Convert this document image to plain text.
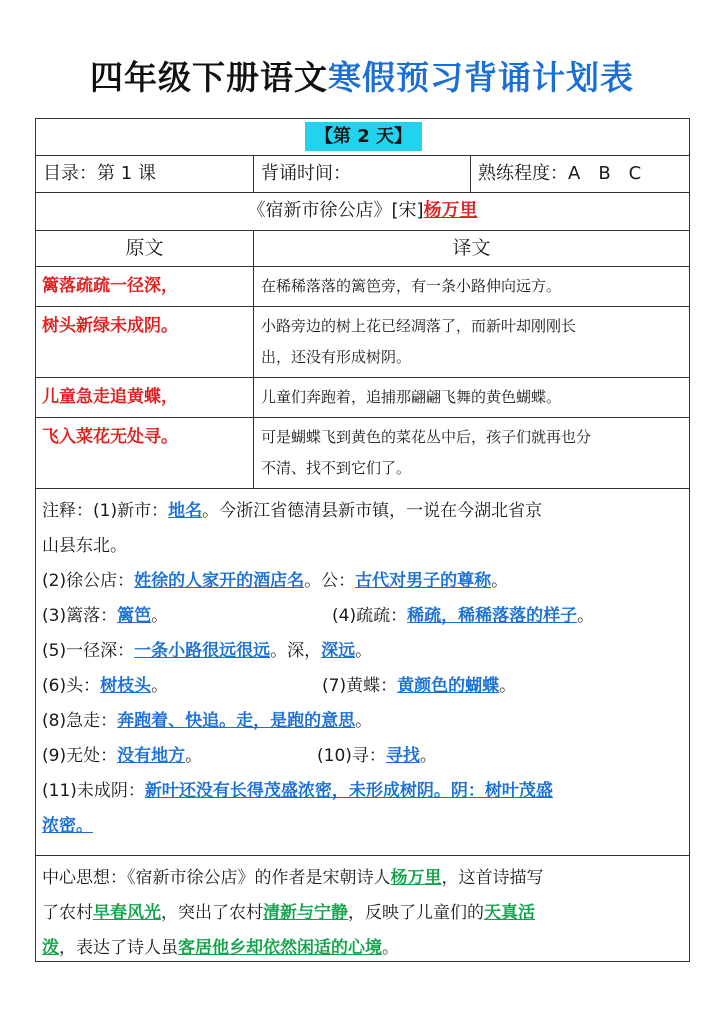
四年级下册语文寒假预习背诵计划表
【第 2 天】
目录：第 1 课	背诵时间：	熟练程度：A　B　C
《宿新市徐公店》[宋]杨万里
原文	译文
篱落疏疏一径深，	在稀稀落落的篱笆旁，有一条小路伸向远方。
树头新绿未成阴。	小路旁边的树上花已经凋落了，而新叶却刚刚长
出，还没有形成树阴。
儿童急走追黄蝶，	儿童们奔跑着，追捕那翩翩飞舞的黄色蝴蝶。
飞入菜花无处寻。	可是蝴蝶飞到黄色的菜花丛中后，孩子们就再也分
不清、找不到它们了。
注释：(1)新市：地名。今浙江省德清县新市镇，一说在今湖北省京
山县东北。
(2)徐公店：姓徐的人家开的酒店名。公：古代对男子的尊称。
(3)篱落：篱笆。	(4)疏疏：稀疏，稀稀落落的样子。
(5)一径深：一条小路很远很远。深，深远。
(6)头：树枝头。	(7)黄蝶：黄颜色的蝴蝶。
(8)急走：奔跑着、快追。走，是跑的意思。
(9)无处：没有地方。	(10)寻：寻找。
(11)未成阴：新叶还没有长得茂盛浓密，未形成树阴。阴：树叶茂盛
浓密。
中心思想：《宿新市徐公店》的作者是宋朝诗人杨万里，这首诗描写
了农村早春风光，突出了农村清新与宁静，反映了儿童们的天真活
泼，表达了诗人虽客居他乡却依然闲适的心境。
